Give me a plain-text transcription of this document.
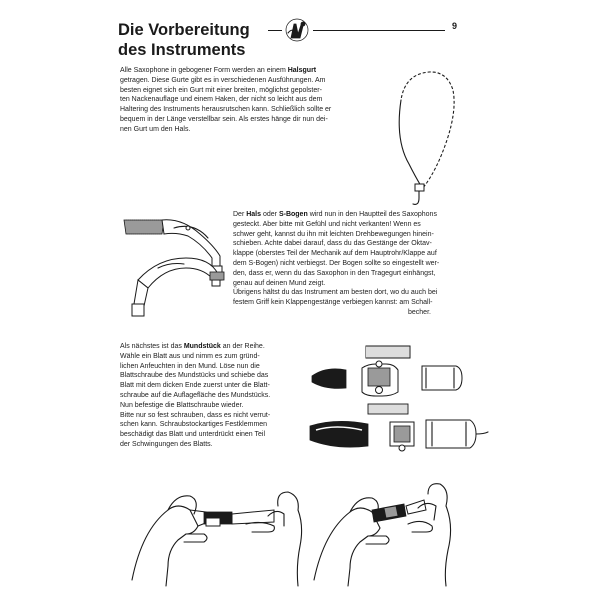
Die Vorbereitung
des Instruments
9

Alle Saxophone in gebogener Form werden an einem Halsgurt
getragen. Diese Gurte gibt es in verschiedenen Ausführungen. Am
besten eignet sich ein Gurt mit einer breiten, möglichst gepolster-
ten Nackenauflage und einem Haken, der nicht so leicht aus dem
Haltering des Instruments herausrutschen kann. Schließlich sollte er
bequem in der Länge verstellbar sein. Als erstes hänge dir nun dei-
nen Gurt um den Hals.

Der Hals oder S-Bogen wird nun in den Hauptteil des Saxophons
gesteckt. Aber bitte mit Gefühl und nicht verkanten! Wenn es
schwer geht, kannst du ihn mit leichten Drehbewegungen hinein-
schieben. Achte dabei darauf, dass du das Gestänge der Oktav-
klappe (oberstes Teil der Mechanik auf dem Hauptrohr/Klappe auf
dem S-Bogen) nicht verbiegst. Der Bogen sollte so eingestellt wer-
den, dass er, wenn du das Saxophon in den Tragegurt einhängst,
genau auf deinen Mund zeigt.
Übrigens hältst du das Instrument am besten dort, wo du auch bei
festem Griff kein Klappengestänge verbiegen kannst: am Schall-
becher.

Als nächstes ist das Mundstück an der Reihe.
Wähle ein Blatt aus und nimm es zum gründ-
lichen Anfeuchten in den Mund. Löse nun die
Blattschraube des Mundstücks und schiebe das
Blatt mit dem dicken Ende zuerst unter die Blatt-
schraube auf die Auflagefläche des Mundstücks.
Nun befestige die Blattschraube wieder.
Bitte nur so fest schrauben, dass es nicht verrut-
schen kann. Schraubstockartiges Festklemmen
beschädigt das Blatt und unterdrückt einen Teil
der Schwingungen des Blatts.
